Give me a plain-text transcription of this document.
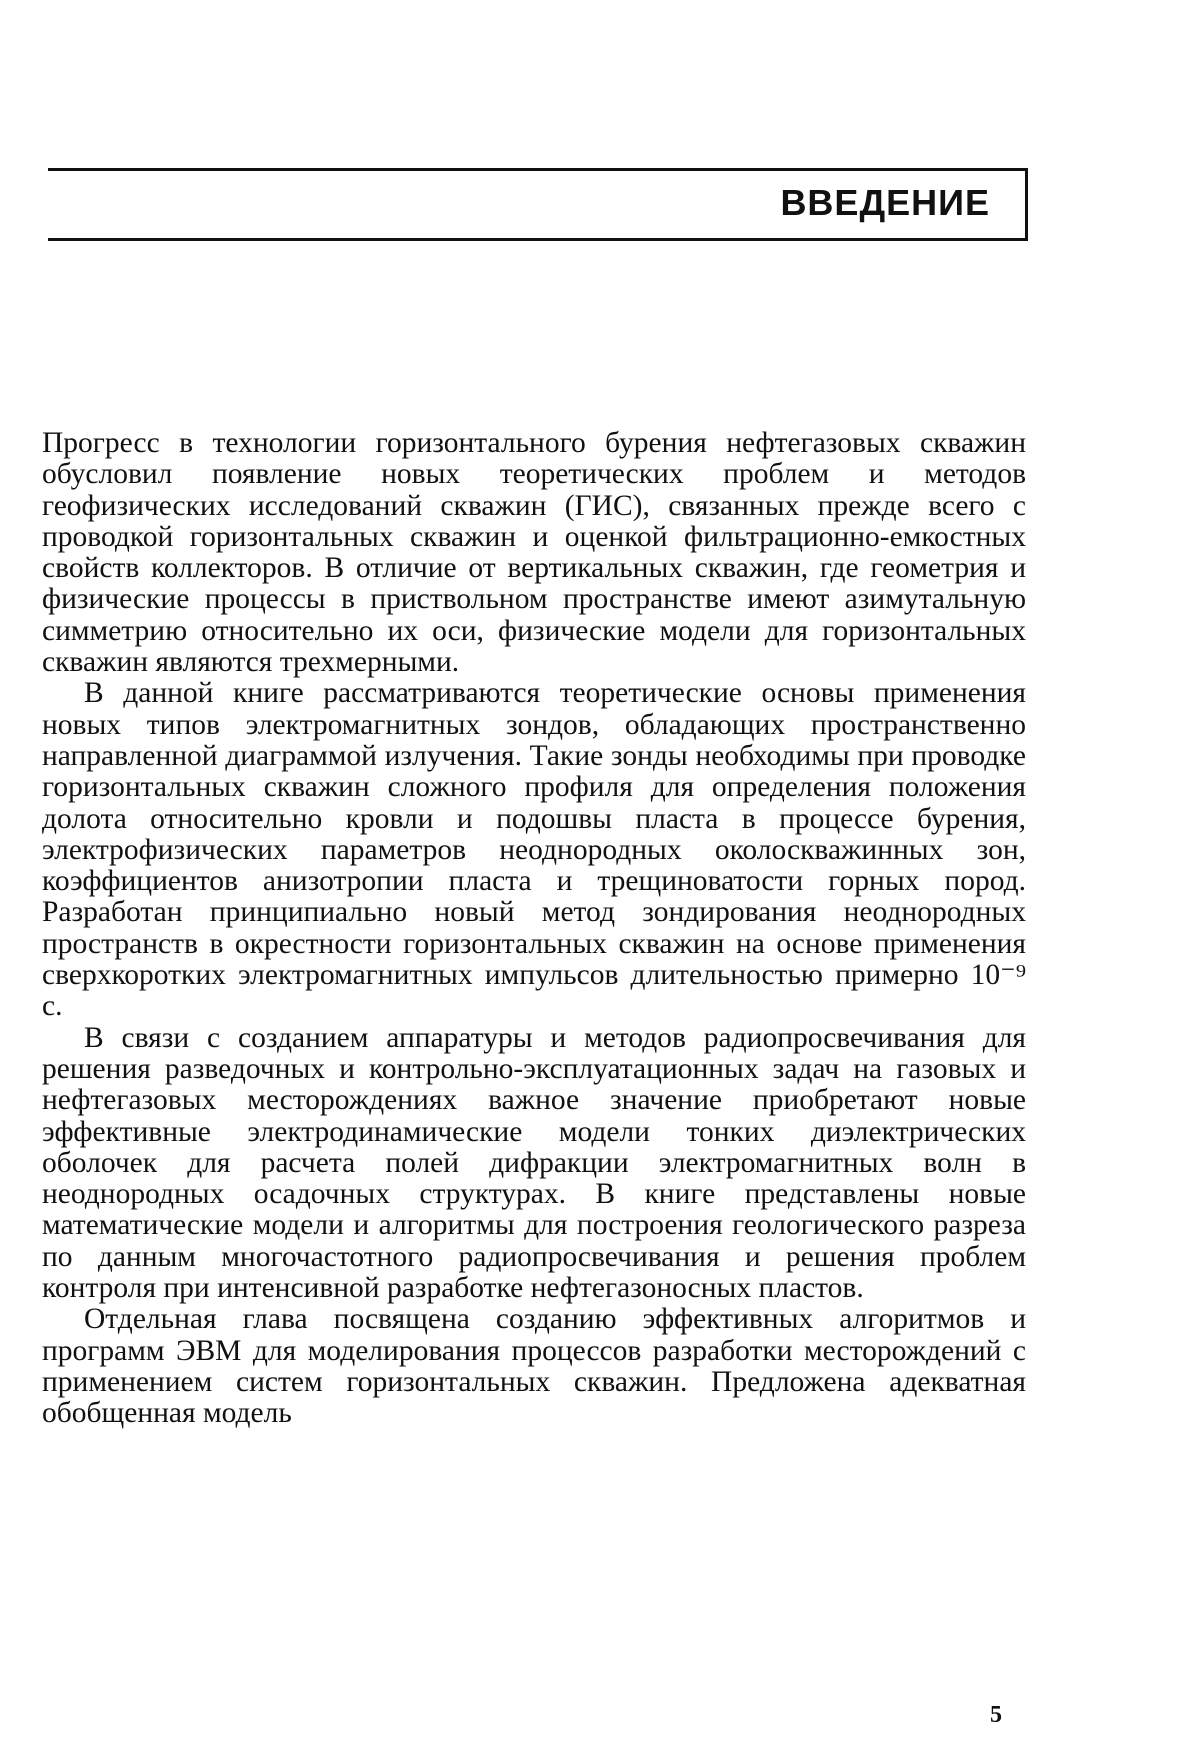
ВВЕДЕНИЕ

Прогресс в технологии горизонтального бурения нефтегазовых скважин обусловил появление новых теоретических проблем и методов геофизических исследований скважин (ГИС), связанных прежде всего с проводкой горизонтальных скважин и оценкой фильтрационно-емкостных свойств коллекторов. В отличие от вертикальных скважин, где геометрия и физические процессы в приствольном пространстве имеют азимутальную симметрию относительно их оси, физические модели для горизонтальных скважин являются трехмерными.

В данной книге рассматриваются теоретические основы применения новых типов электромагнитных зондов, обладающих пространственно направленной диаграммой излучения. Такие зонды необходимы при проводке горизонтальных скважин сложного профиля для определения положения долота относительно кровли и подошвы пласта в процессе бурения, электрофизических параметров неоднородных околоскважинных зон, коэффициентов анизотропии пласта и трещиноватости горных пород. Разработан принципиально новый метод зондирования неоднородных пространств в окрестности горизонтальных скважин на основе применения сверхкоротких электромагнитных импульсов длительностью примерно 10⁻⁹ с.

В связи с созданием аппаратуры и методов радиопросвечивания для решения разведочных и контрольно-эксплуатационных задач на газовых и нефтегазовых месторождениях важное значение приобретают новые эффективные электродинамические модели тонких диэлектрических оболочек для расчета полей дифракции электромагнитных волн в неоднородных осадочных структурах. В книге представлены новые математические модели и алгоритмы для построения геологического разреза по данным многочастотного радиопросвечивания и решения проблем контроля при интенсивной разработке нефтегазоносных пластов.

Отдельная глава посвящена созданию эффективных алгоритмов и программ ЭВМ для моделирования процессов разработки месторождений с применением систем горизонтальных скважин. Предложена адекватная обобщенная модель

5
